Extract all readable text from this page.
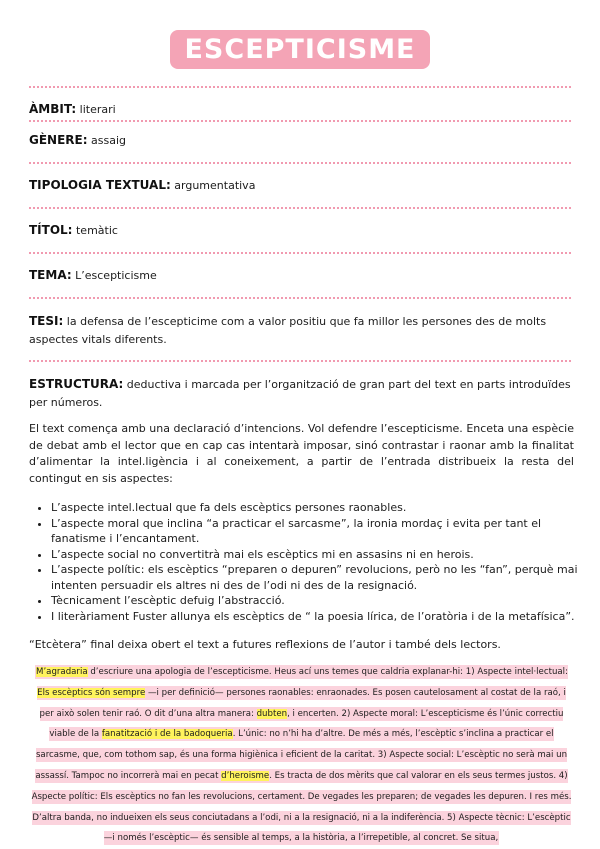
ESCEPTICISME
ÀMBIT: literari
GÈNERE: assaig
TIPOLOGIA TEXTUAL: argumentativa
TÍTOL: temàtic
TEMA: L’escepticisme
TESI: la defensa de l’escepticime com a valor positiu que fa millor les persones des de molts aspectes vitals diferents.
ESTRUCTURA: deductiva i marcada per l’organització de gran part del text en parts introduïdes per números.
El text comença amb una declaració d’intencions. Vol defendre l’escepticisme. Enceta una espècie de debat amb el lector que en cap cas intentarà imposar, sinó contrastar i raonar amb la finalitat d’alimentar la intel.ligència i al coneixement, a partir de l’entrada distribueix la resta del contingut en sis aspectes:
• L’aspecte intel.lectual que fa dels escèptics persones raonables.
• L’aspecte moral que inclina “a practicar el sarcasme”, la ironia mordaç i evita per tant el fanatisme i l’encantament.
• L’aspecte social no convertitrà mai els escèptics mi en assasins ni en herois.
• L’aspecte polític: els escèptics “preparen o depuren” revolucions, però no les “fan”, perquè mai intenten persuadir els altres ni des de l’odi ni des de la resignació.
• Tècnicament l’escèptic defuig l’abstracció.
• I literàriament Fuster allunya els escèptics de “ la poesia lírica, de l’oratòria i de la metafísica”.
“Etcètera” final deixa obert el text a futures reflexions de l’autor i també dels lectors.
M’agradaria d’escriure una apologia de l’escepticisme. Heus ací uns temes que caldria explanar-hi: 1) Aspecte intel·lectual: Els escèptics són sempre —i per definició— persones raonables: enraonades. Es posen cautelosament al costat de la raó, i per això solen tenir raó. O dit d’una altra manera: dubten, i encerten. 2) Aspecte moral: L’escepticisme és l’únic correctiu viable de la fanatització i de la badoqueria. L’únic: no n’hi ha d’altre. De més a més, l’escèptic s’inclina a practicar el sarcasme, que, com tothom sap, és una forma higiènica i eficient de la caritat. 3) Aspecte social: L’escèptic no serà mai un assassí. Tampoc no incorrerà mai en pecat d’heroisme. Es tracta de dos mèrits que cal valorar en els seus termes justos. 4) Aspecte polític: Els escèptics no fan les revolucions, certament. De vegades les preparen; de vegades les depuren. I res més. D’altra banda, no indueixen els seus conciutadans a l’odi, ni a la resignació, ni a la indiferència. 5) Aspecte tècnic: L’escèptic —i només l’escèptic— és sensible al temps, a la història, a l’irrepetible, al concret. Se situa,
